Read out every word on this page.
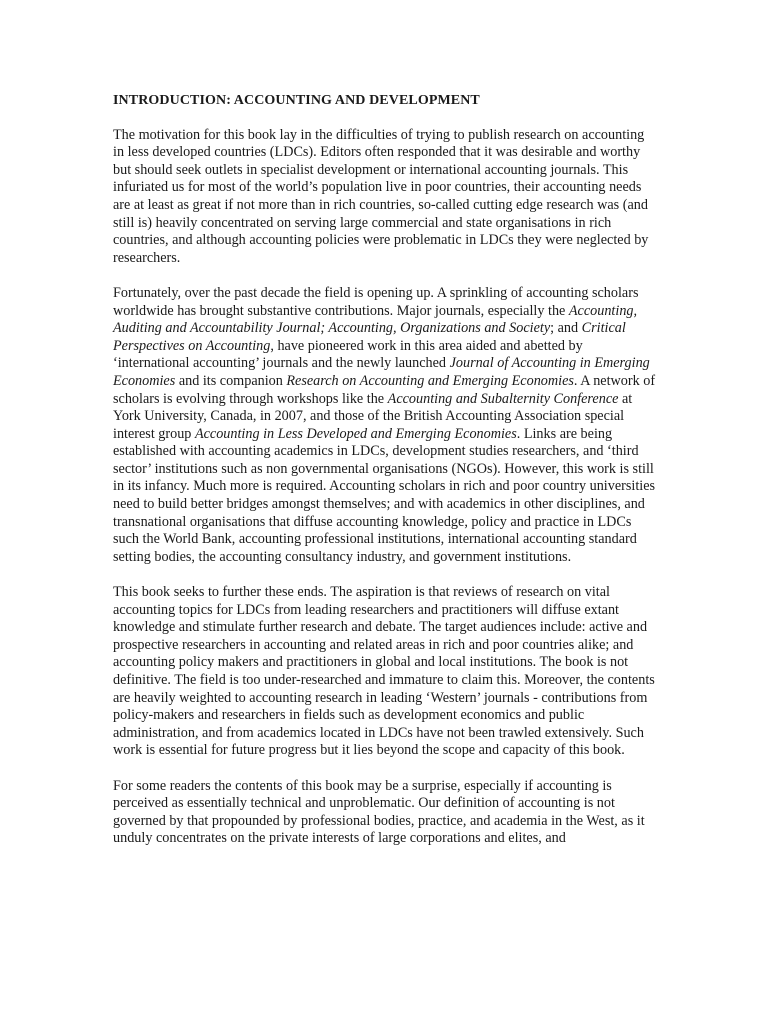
INTRODUCTION: ACCOUNTING AND DEVELOPMENT

The motivation for this book lay in the difficulties of trying to publish research on accounting in less developed countries (LDCs). Editors often responded that it was desirable and worthy but should seek outlets in specialist development or international accounting journals. This infuriated us for most of the world’s population live in poor countries, their accounting needs are at least as great if not more than in rich countries, so-called cutting edge research was (and still is) heavily concentrated on serving large commercial and state organisations in rich countries, and although accounting policies were problematic in LDCs they were neglected by researchers.

Fortunately, over the past decade the field is opening up. A sprinkling of accounting scholars worldwide has brought substantive contributions. Major journals, especially the Accounting, Auditing and Accountability Journal; Accounting, Organizations and Society; and Critical Perspectives on Accounting, have pioneered work in this area aided and abetted by ‘international accounting’ journals and the newly launched Journal of Accounting in Emerging Economies and its companion Research on Accounting and Emerging Economies. A network of scholars is evolving through workshops like the Accounting and Subalternity Conference at York University, Canada, in 2007, and those of the British Accounting Association special interest group Accounting in Less Developed and Emerging Economies. Links are being established with accounting academics in LDCs, development studies researchers, and ‘third sector’ institutions such as non governmental organisations (NGOs). However, this work is still in its infancy. Much more is required. Accounting scholars in rich and poor country universities need to build better bridges amongst themselves; and with academics in other disciplines, and transnational organisations that diffuse accounting knowledge, policy and practice in LDCs such the World Bank, accounting professional institutions, international accounting standard setting bodies, the accounting consultancy industry, and government institutions.

This book seeks to further these ends. The aspiration is that reviews of research on vital accounting topics for LDCs from leading researchers and practitioners will diffuse extant knowledge and stimulate further research and debate. The target audiences include: active and prospective researchers in accounting and related areas in rich and poor countries alike; and accounting policy makers and practitioners in global and local institutions. The book is not definitive. The field is too under-researched and immature to claim this. Moreover, the contents are heavily weighted to accounting research in leading ‘Western’ journals - contributions from policy-makers and researchers in fields such as development economics and public administration, and from academics located in LDCs have not been trawled extensively. Such work is essential for future progress but it lies beyond the scope and capacity of this book.

For some readers the contents of this book may be a surprise, especially if accounting is perceived as essentially technical and unproblematic. Our definition of accounting is not governed by that propounded by professional bodies, practice, and academia in the West, as it unduly concentrates on the private interests of large corporations and elites, and
